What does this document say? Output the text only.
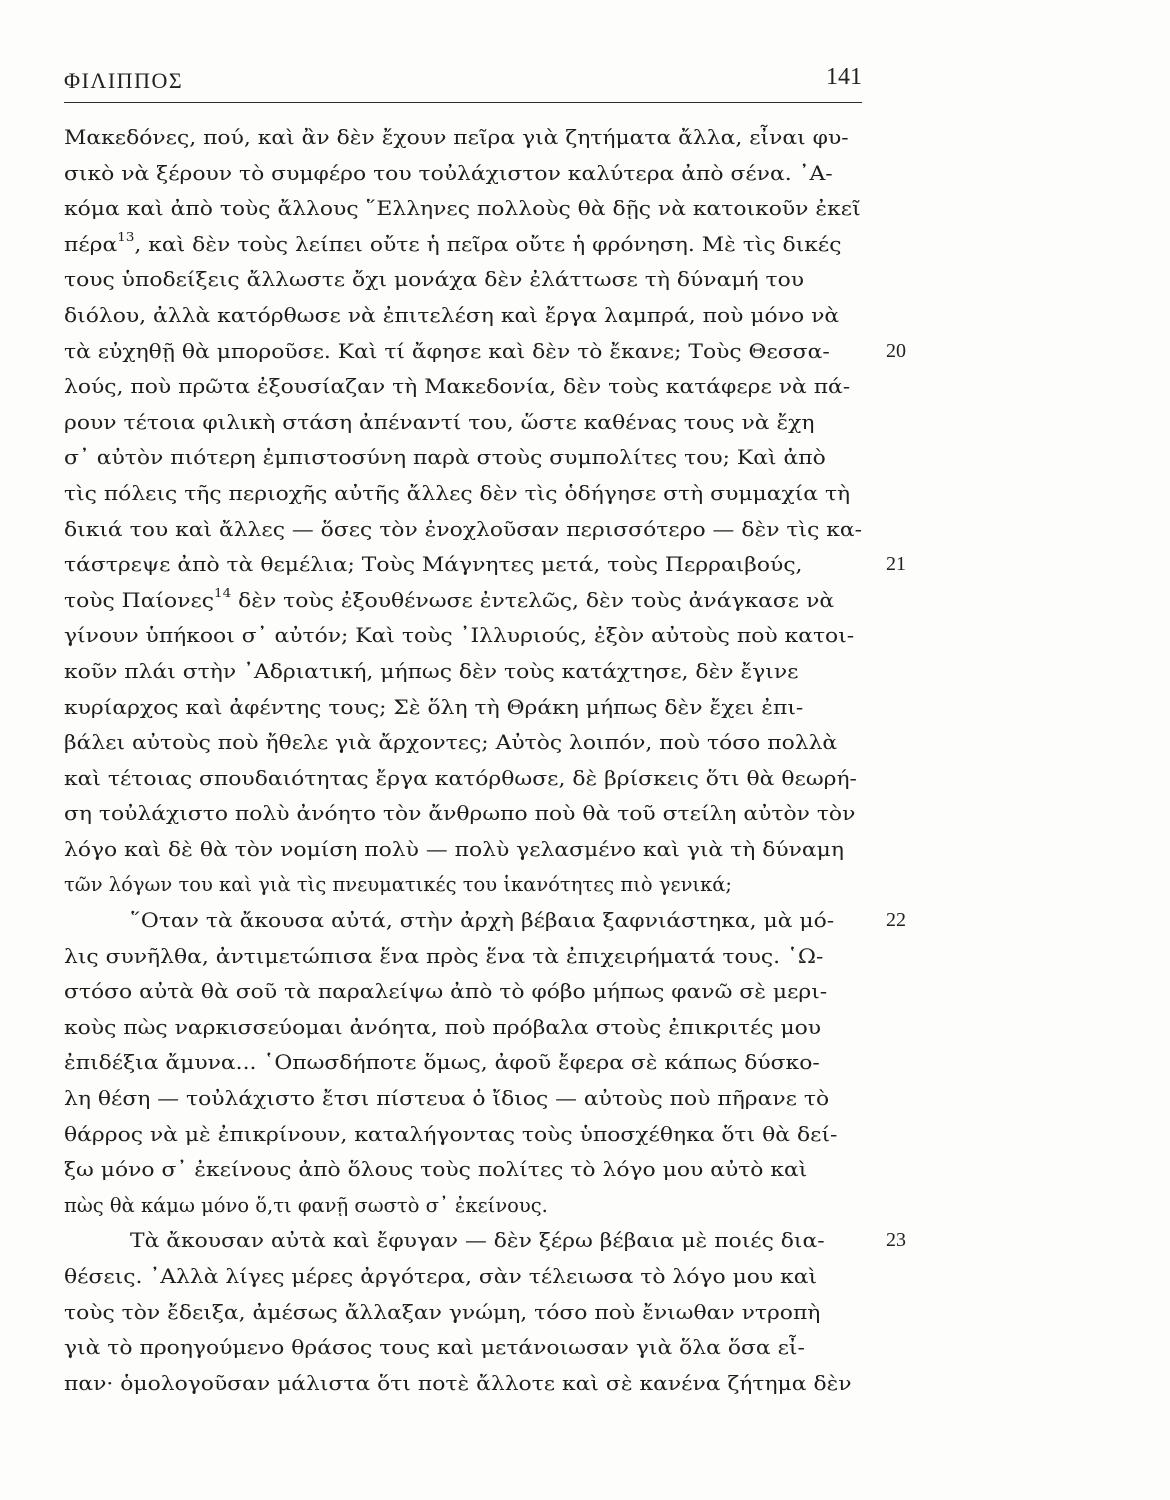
ΦΙΛΙΠΠΟΣ	141
Μακεδόνες, πού, καὶ ἂν δὲν ἔχουν πεῖρα γιὰ ζητήματα ἄλλα, εἶναι φυ-
σικὸ νὰ ξέρουν τὸ συμφέρο του τοὐλάχιστον καλύτερα ἀπὸ σένα. ᾿Α-
κόμα καὶ ἀπὸ τοὺς ἄλλους ῞Ελληνες πολλοὺς θὰ δῇς νὰ κατοικοῦν ἐκεῖ
πέρα$^{13}$, καὶ δὲν τοὺς λείπει οὔτε ἡ πεῖρα οὔτε ἡ φρόνηση. Μὲ τὶς δικές
τους ὑποδείξεις ἄλλωστε ὄχι μονάχα δὲν ἐλάττωσε τὴ δύναμή του
διόλου, ἀλλὰ κατόρθωσε νὰ ἐπιτελέση καὶ ἔργα λαμπρά, ποὺ μόνο νὰ
τὰ εὐχηθῇ θὰ μποροῦσε. Καὶ τί ἄφησε καὶ δὲν τὸ ἔκανε; Τοὺς Θεσσα-	20
λούς, ποὺ πρῶτα ἐξουσίαζαν τὴ Μακεδονία, δὲν τοὺς κατάφερε νὰ πά-
ρουν τέτοια φιλικὴ στάση ἀπέναντί του, ὥστε καθένας τους νὰ ἔχη
σ᾿ αὐτὸν πιότερη ἐμπιστοσύνη παρὰ στοὺς συμπολίτες του; Καὶ ἀπὸ
τὶς πόλεις τῆς περιοχῆς αὐτῆς ἄλλες δὲν τὶς ὁδήγησε στὴ συμμαχία τὴ
δικιά του καὶ ἄλλες — ὅσες τὸν ἐνοχλοῦσαν περισσότερο — δὲν τὶς κα-
τάστρεψε ἀπὸ τὰ θεμέλια; Τοὺς Μάγνητες μετά, τοὺς Περραιβούς,	21
τοὺς Παίονες$^{14}$ δὲν τοὺς ἐξουθένωσε ἐντελῶς, δὲν τοὺς ἀνάγκασε νὰ
γίνουν ὑπήκοοι σ᾿ αὐτόν; Καὶ τοὺς ᾿Ιλλυριούς, ἐξὸν αὐτοὺς ποὺ κατοι-
κοῦν πλάι στὴν ᾿Αδριατική, μήπως δὲν τοὺς κατάχτησε, δὲν ἔγινε
κυρίαρχος καὶ ἀφέντης τους; Σὲ ὅλη τὴ Θράκη μήπως δὲν ἔχει ἐπι-
βάλει αὐτοὺς ποὺ ἤθελε γιὰ ἄρχοντες; Αὐτὸς λοιπόν, ποὺ τόσο πολλὰ
καὶ τέτοιας σπουδαιότητας ἔργα κατόρθωσε, δὲ βρίσκεις ὅτι θὰ θεωρή-
ση τοὐλάχιστο πολὺ ἀνόητο τὸν ἄνθρωπο ποὺ θὰ τοῦ στείλη αὐτὸν τὸν
λόγο καὶ δὲ θὰ τὸν νομίση πολὺ — πολὺ γελασμένο καὶ γιὰ τὴ δύναμη
τῶν λόγων του καὶ γιὰ τὶς πνευματικές του ἱκανότητες πιὸ γενικά;
῞Οταν τὰ ἄκουσα αὐτά, στὴν ἀρχὴ βέβαια ξαφνιάστηκα, μὰ μό-	22
λις συνῆλθα, ἀντιμετώπισα ἕνα πρὸς ἕνα τὰ ἐπιχειρήματά τους. ῾Ω-
στόσο αὐτὰ θὰ σοῦ τὰ παραλείψω ἀπὸ τὸ φόβο μήπως φανῶ σὲ μερι-
κοὺς πὼς ναρκισσεύομαι ἀνόητα, ποὺ πρόβαλα στοὺς ἐπικριτές μου
ἐπιδέξια ἄμυνα... ῾Οπωσδήποτε ὅμως, ἀφοῦ ἔφερα σὲ κάπως δύσκο-
λη θέση — τοὐλάχιστο ἔτσι πίστευα ὁ ἴδιος — αὐτοὺς ποὺ πῆρανε τὸ
θάρρος νὰ μὲ ἐπικρίνουν, καταλήγοντας τοὺς ὑποσχέθηκα ὅτι θὰ δεί-
ξω μόνο σ᾿ ἐκείνους ἀπὸ ὅλους τοὺς πολίτες τὸ λόγο μου αὐτὸ καὶ
πὼς θὰ κάμω μόνο ὅ,τι φανῇ σωστὸ σ᾿ ἐκείνους.
Τὰ ἄκουσαν αὐτὰ καὶ ἔφυγαν — δὲν ξέρω βέβαια μὲ ποιές δια-	23
θέσεις. ᾿Αλλὰ λίγες μέρες ἀργότερα, σὰν τέλειωσα τὸ λόγο μου καὶ
τοὺς τὸν ἔδειξα, ἀμέσως ἄλλαξαν γνώμη, τόσο ποὺ ἔνιωθαν ντροπὴ
γιὰ τὸ προηγούμενο θράσος τους καὶ μετάνοιωσαν γιὰ ὅλα ὅσα εἶ-
παν· ὁμολογοῦσαν μάλιστα ὅτι ποτὲ ἄλλοτε καὶ σὲ κανένα ζήτημα δὲν
